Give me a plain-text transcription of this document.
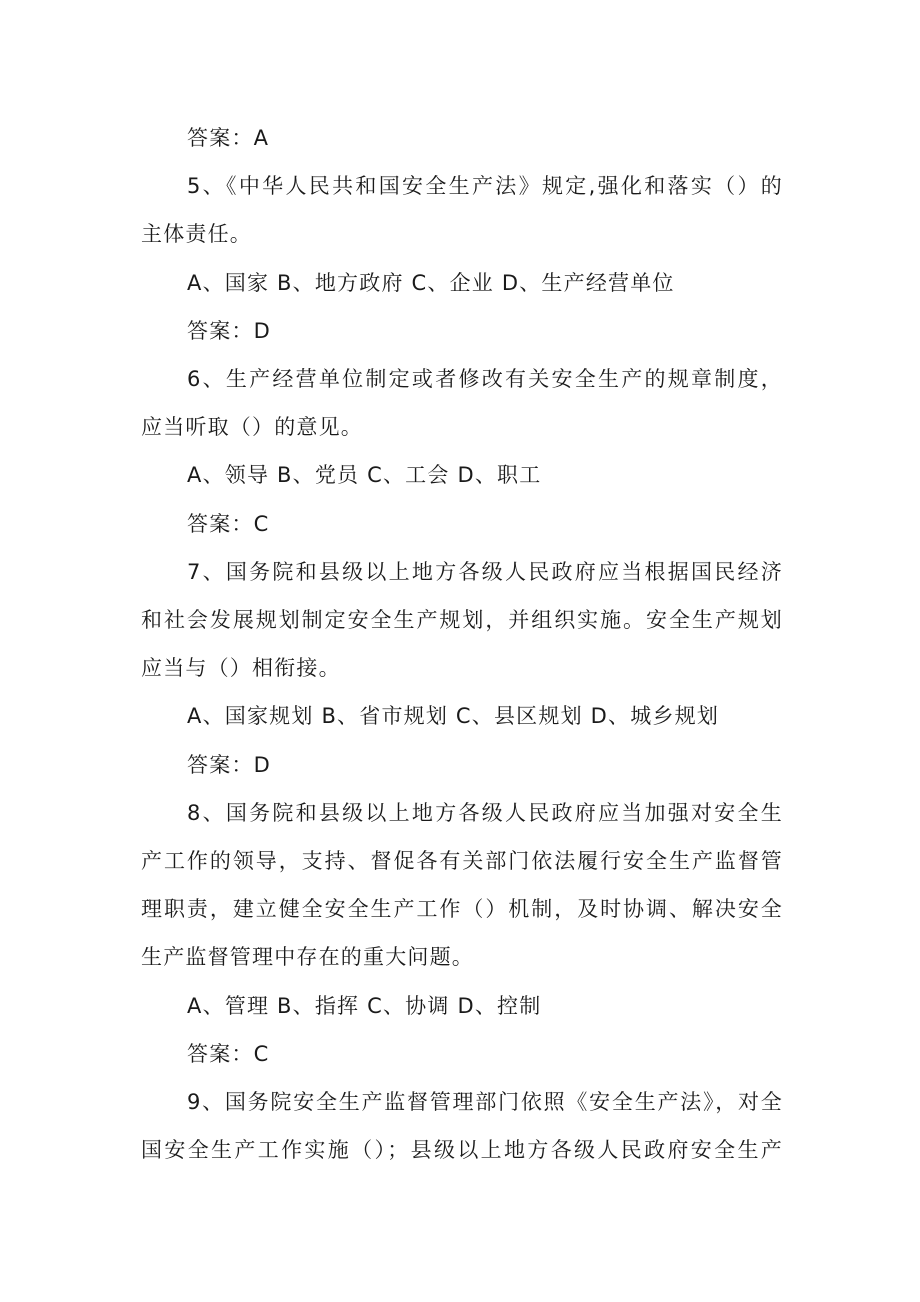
答案：A
5、《中华人民共和国安全生产法》规定,强化和落实（）的
主体责任。
A、国家 B、地方政府 C、企业 D、生产经营单位
答案：D
6、生产经营单位制定或者修改有关安全生产的规章制度，
应当听取（）的意见。
A、领导 B、党员 C、工会 D、职工
答案：C
7、国务院和县级以上地方各级人民政府应当根据国民经济
和社会发展规划制定安全生产规划，并组织实施。安全生产规划
应当与（）相衔接。
A、国家规划 B、省市规划 C、县区规划 D、城乡规划
答案：D
8、国务院和县级以上地方各级人民政府应当加强对安全生
产工作的领导，支持、督促各有关部门依法履行安全生产监督管
理职责，建立健全安全生产工作（）机制，及时协调、解决安全
生产监督管理中存在的重大问题。
A、管理 B、指挥 C、协调 D、控制
答案：C
9、国务院安全生产监督管理部门依照《安全生产法》，对全
国安全生产工作实施（）；县级以上地方各级人民政府安全生产
